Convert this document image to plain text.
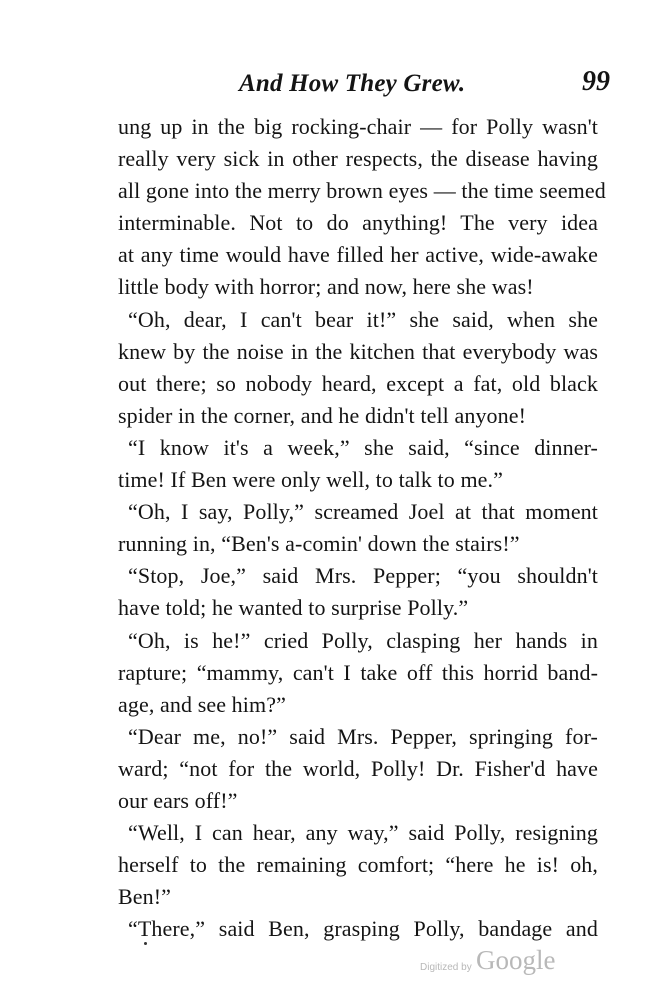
And How They Grew.	99
ung up in the big rocking-chair — for Polly wasn't
really very sick in other respects, the disease having
all gone into the merry brown eyes — the time seemed
interminable. Not to do anything! The very idea
at any time would have filled her active, wide-awake
little body with horror; and now, here she was!
“Oh, dear, I can't bear it!” she said, when she
knew by the noise in the kitchen that everybody was
out there; so nobody heard, except a fat, old black
spider in the corner, and he didn't tell anyone!
“I know it's a week,” she said, “since dinner-
time! If Ben were only well, to talk to me.”
“Oh, I say, Polly,” screamed Joel at that moment
running in, “Ben's a-comin' down the stairs!”
“Stop, Joe,” said Mrs. Pepper; “you shouldn't
have told; he wanted to surprise Polly.”
“Oh, is he!” cried Polly, clasping her hands in
rapture; “mammy, can't I take off this horrid band-
age, and see him?”
“Dear me, no!” said Mrs. Pepper, springing for-
ward; “not for the world, Polly! Dr. Fisher'd have
our ears off!”
“Well, I can hear, any way,” said Polly, resigning
herself to the remaining comfort; “here he is! oh,
Ben!”
“There,” said Ben, grasping Polly, bandage and
Digitized by Google
